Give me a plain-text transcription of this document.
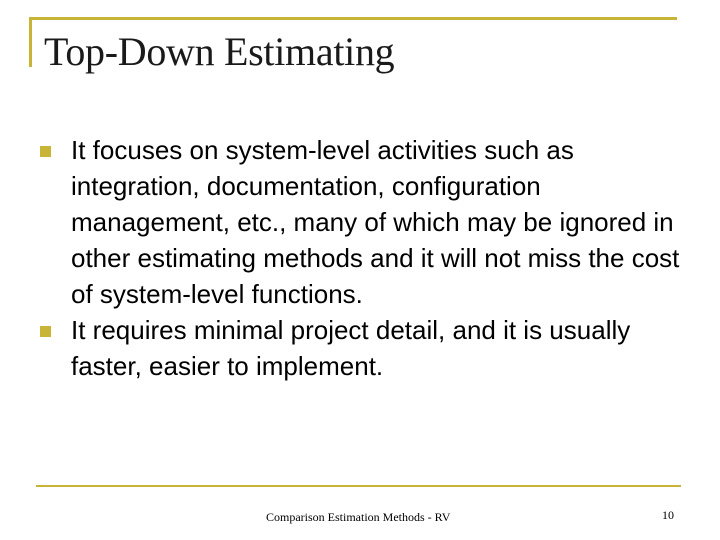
Top-Down Estimating
It focuses on system-level activities such as integration, documentation, configuration management, etc., many of which may be ignored in other estimating methods and it will not miss the cost of system-level functions.
It requires minimal project detail, and it is usually faster, easier to implement.
Comparison Estimation Methods - RV	10
